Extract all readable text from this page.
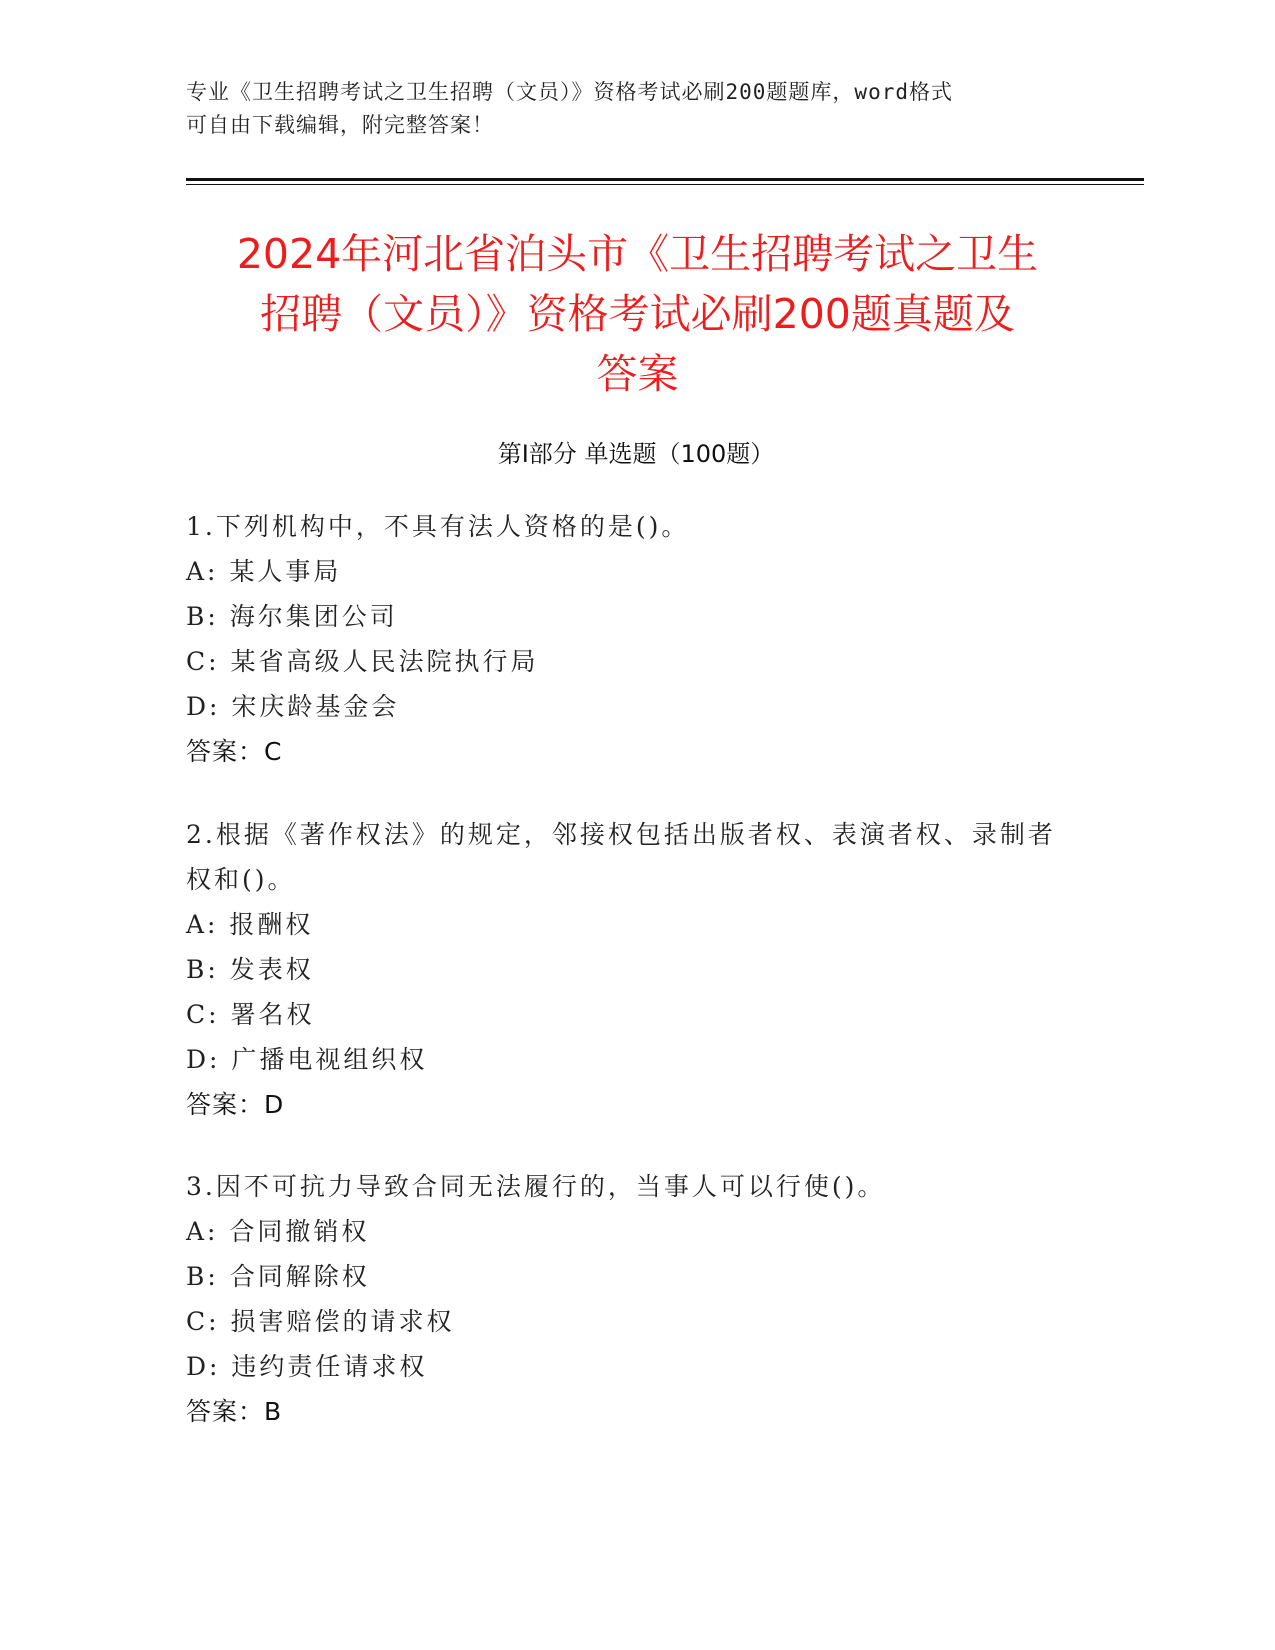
专业《卫生招聘考试之卫生招聘（文员）》资格考试必刷200题题库，word格式
可自由下载编辑，附完整答案！
2024年河北省泊头市《卫生招聘考试之卫生
招聘（文员）》资格考试必刷200题真题及
答案
第Ⅰ部分 单选题（100题）
1.下列机构中，不具有法人资格的是()。
A: 某人事局
B: 海尔集团公司
C: 某省高级人民法院执行局
D: 宋庆龄基金会
答案：C
2.根据《著作权法》的规定，邻接权包括出版者权、表演者权、录制者权和()。
A: 报酬权
B: 发表权
C: 署名权
D: 广播电视组织权
答案：D
3.因不可抗力导致合同无法履行的，当事人可以行使()。
A: 合同撤销权
B: 合同解除权
C: 损害赔偿的请求权
D: 违约责任请求权
答案：B
